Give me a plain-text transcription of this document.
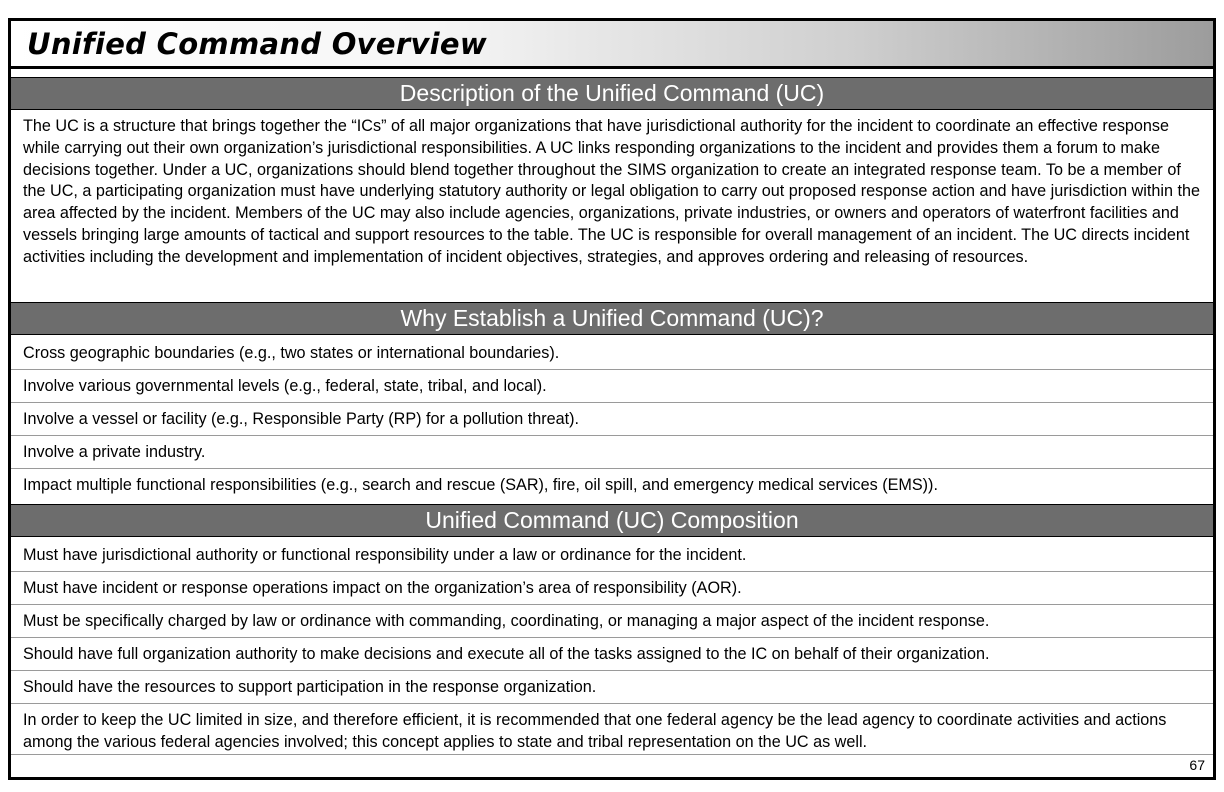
Unified Command Overview
Description of the Unified Command (UC)

The UC is a structure that brings together the “ICs” of all major organizations that have jurisdictional authority for the incident to coordinate an effective response while carrying out their own organization’s jurisdictional responsibilities. A UC links responding organizations to the incident and provides them a forum to make decisions together. Under a UC, organizations should blend together throughout the SIMS organization to create an integrated response team. To be a member of the UC, a participating organization must have underlying statutory authority or legal obligation to carry out proposed response action and have jurisdiction within the area affected by the incident. Members of the UC may also include agencies, organizations, private industries, or owners and operators of waterfront facilities and vessels bringing large amounts of tactical and support resources to the table. The UC is responsible for overall management of an incident. The UC directs incident activities including the development and implementation of incident objectives, strategies, and approves ordering and releasing of resources.

Why Establish a Unified Command (UC)?
Cross geographic boundaries (e.g., two states or international boundaries).
Involve various governmental levels (e.g., federal, state, tribal, and local).
Involve a vessel or facility (e.g., Responsible Party (RP) for a pollution threat).
Involve a private industry.
Impact multiple functional responsibilities (e.g., search and rescue (SAR), fire, oil spill, and emergency medical services (EMS)).
Unified Command (UC) Composition
Must have jurisdictional authority or functional responsibility under a law or ordinance for the incident.
Must have incident or response operations impact on the organization’s area of responsibility (AOR).
Must be specifically charged by law or ordinance with commanding, coordinating, or managing a major aspect of the incident response.
Should have full organization authority to make decisions and execute all of the tasks assigned to the IC on behalf of their organization.
Should have the resources to support participation in the response organization.
In order to keep the UC limited in size, and therefore efficient, it is recommended that one federal agency be the lead agency to coordinate activities and actions among the various federal agencies involved; this concept applies to state and tribal representation on the UC as well.
67
